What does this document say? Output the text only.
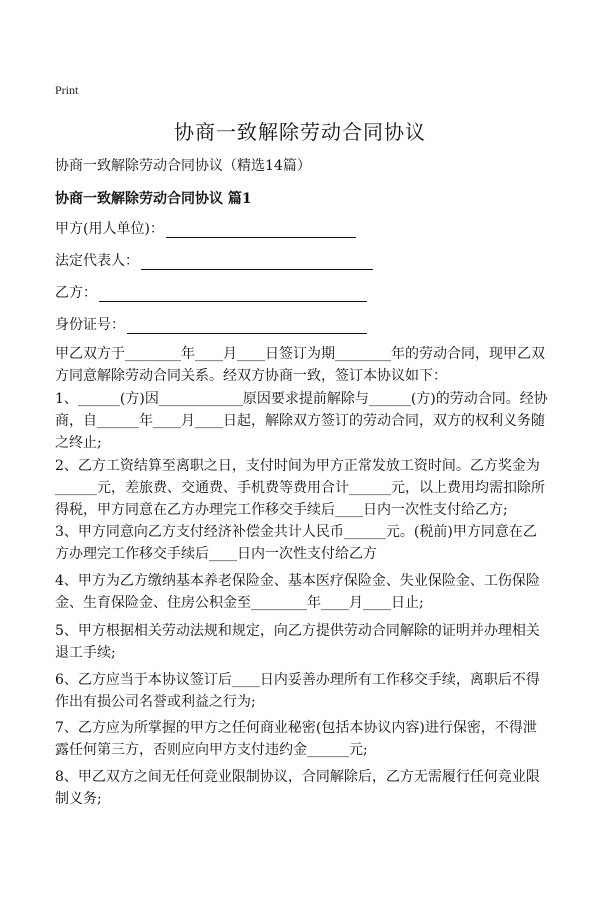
Print
协商一致解除劳动合同协议

协商一致解除劳动合同协议（精选14篇）

协商一致解除劳动合同协议 篇1

甲方(用人单位)：
法定代表人：
乙方：
身份证号：

甲乙双方于________年____月____日签订为期________年的劳动合同，现甲乙双方同意解除劳动合同关系。经双方协商一致，签订本协议如下：

1、______(方)因____________原因要求提前解除与______(方)的劳动合同。经协商，自______年____月____日起，解除双方签订的劳动合同，双方的权利义务随之终止;

2、乙方工资结算至离职之日，支付时间为甲方正常发放工资时间。乙方奖金为______元，差旅费、交通费、手机费等费用合计______元，以上费用均需扣除所得税，甲方同意在乙方办理完工作移交手续后____日内一次性支付给乙方;

3、甲方同意向乙方支付经济补偿金共计人民币______元。(税前)甲方同意在乙方办理完工作移交手续后____日内一次性支付给乙方

4、甲方为乙方缴纳基本养老保险金、基本医疗保险金、失业保险金、工伤保险金、生育保险金、住房公积金至________年____月____日止;

5、甲方根据相关劳动法规和规定，向乙方提供劳动合同解除的证明并办理相关退工手续;

6、乙方应当于本协议签订后____日内妥善办理所有工作移交手续，离职后不得作出有损公司名誉或利益之行为;

7、乙方应为所掌握的甲方之任何商业秘密(包括本协议内容)进行保密，不得泄露任何第三方，否则应向甲方支付违约金______元;

8、甲乙双方之间无任何竞业限制协议，合同解除后，乙方无需履行任何竞业限制义务;
